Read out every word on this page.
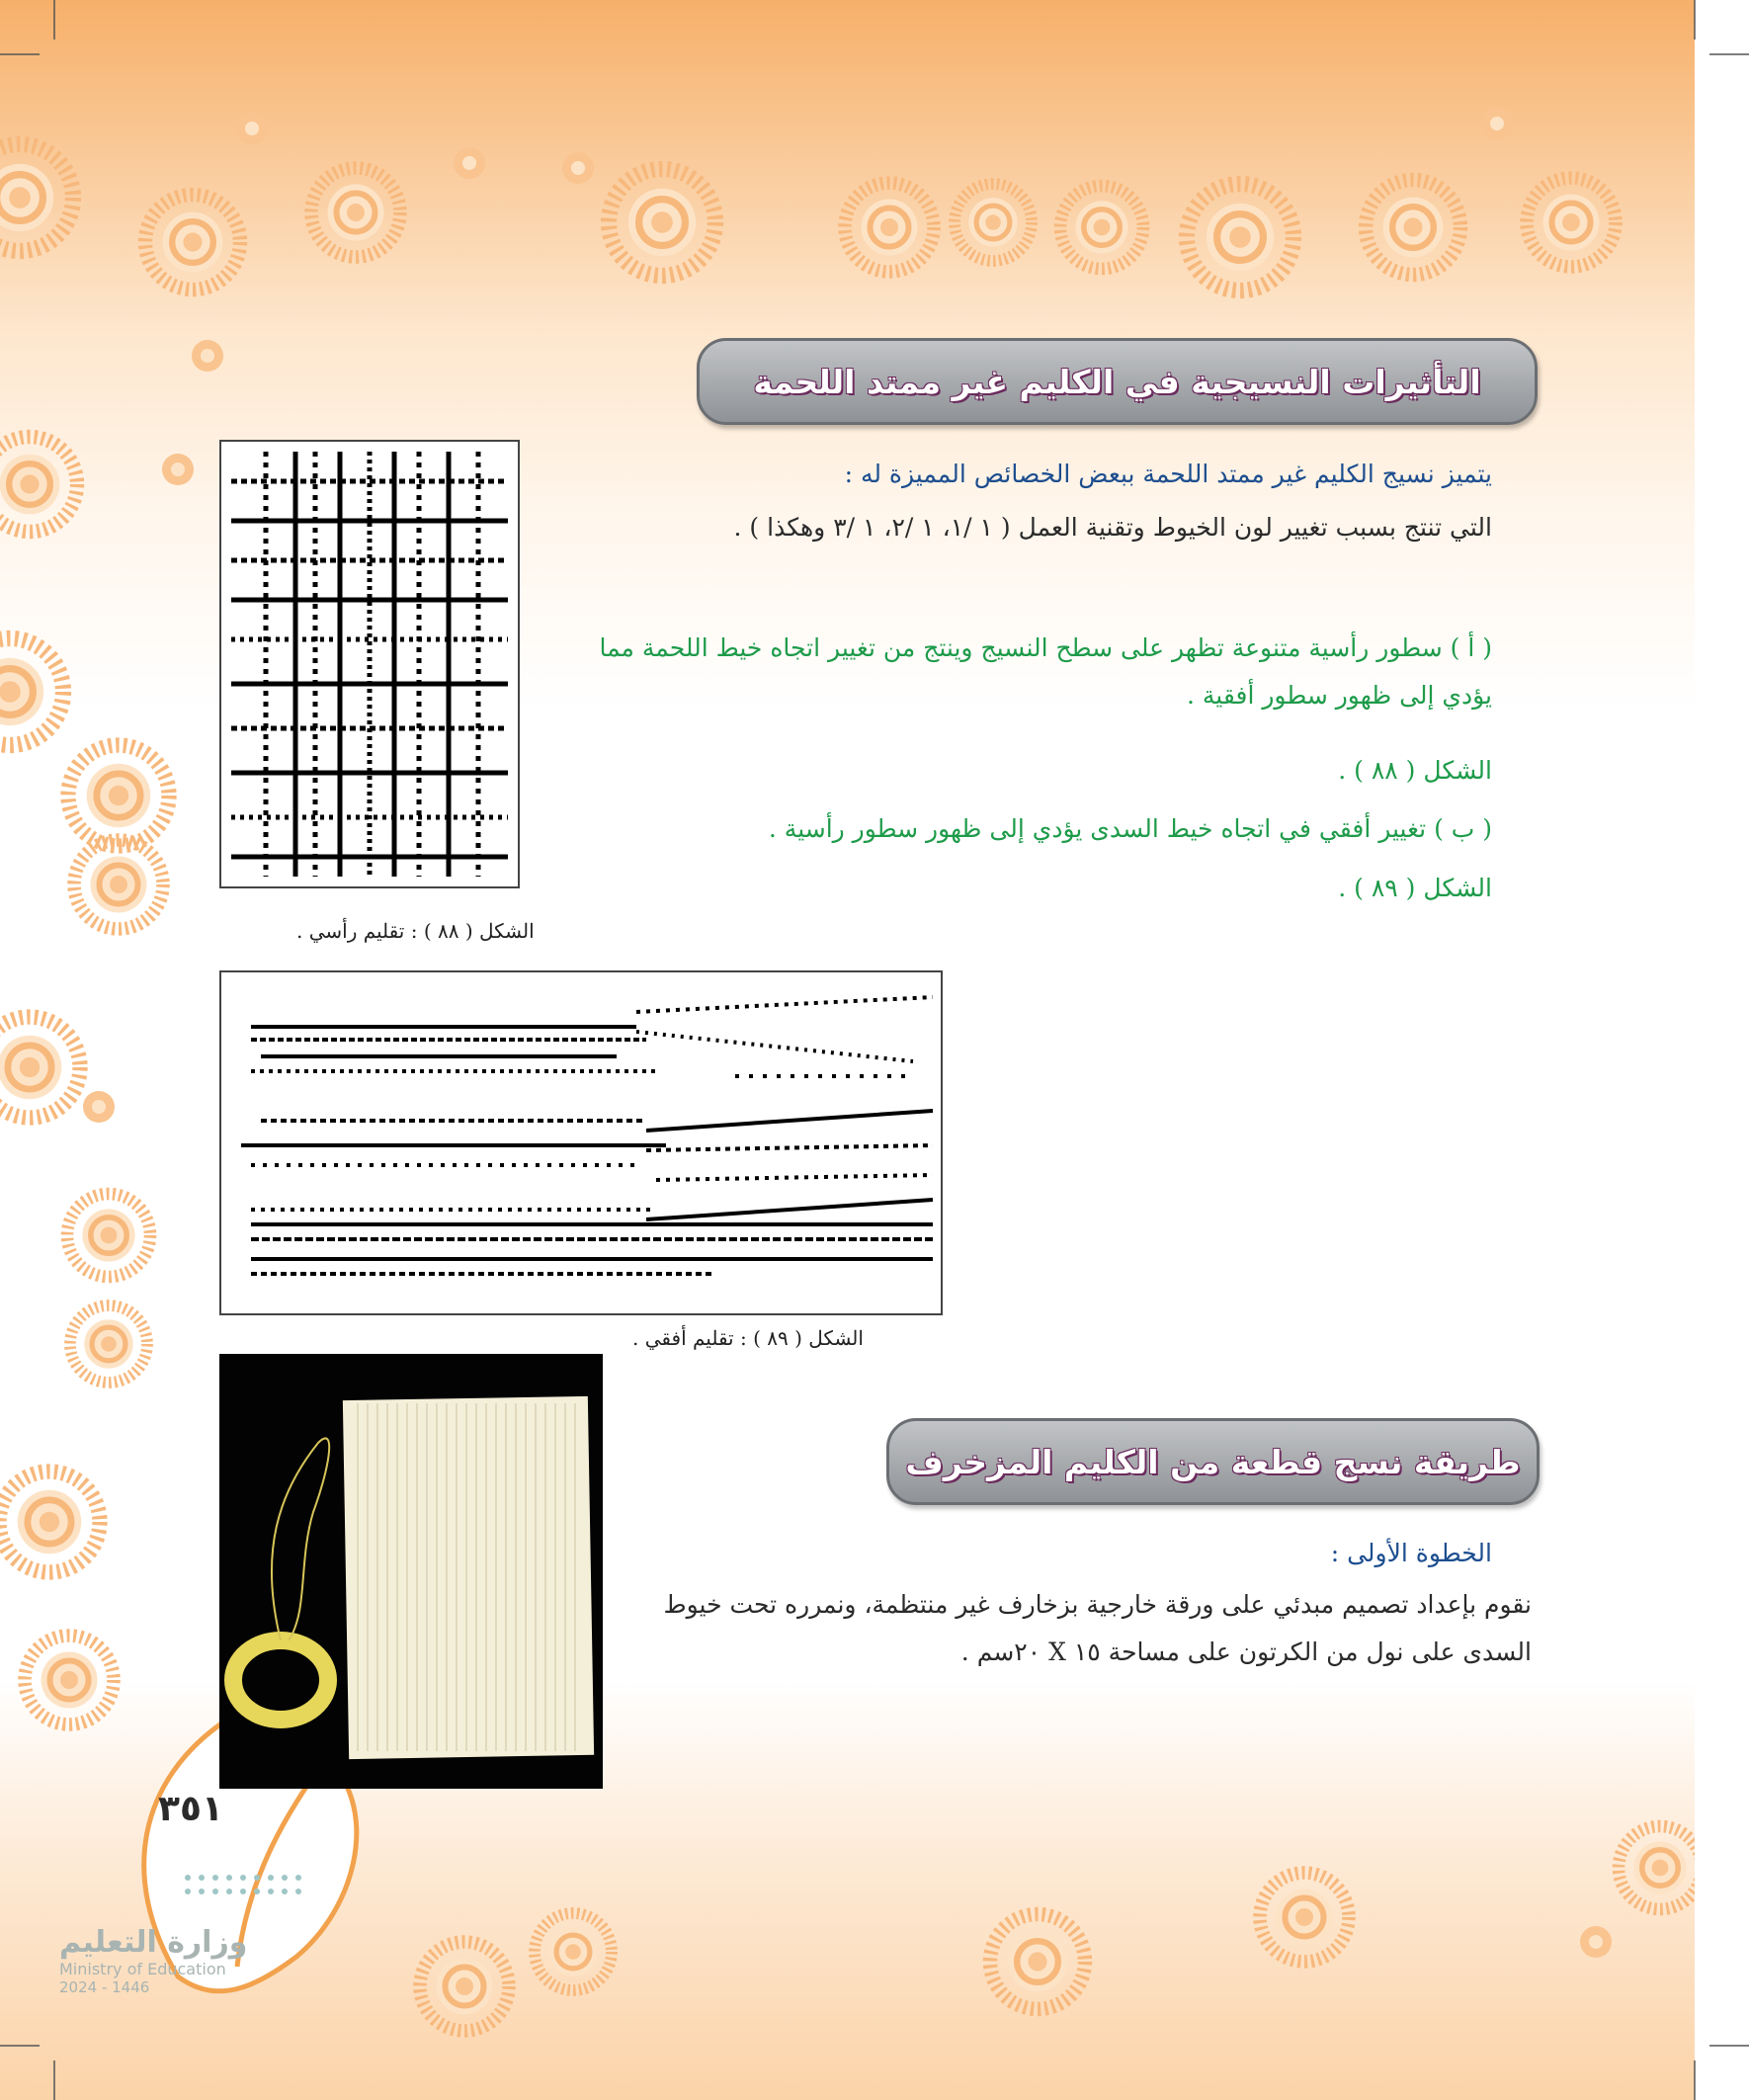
التأثيرات النسيجية في الكليم غير ممتد اللحمة
الشكل ( ٨٨ ) : تقليم رأسي .
يتميز نسيج الكليم غير ممتد اللحمة ببعض الخصائص المميزة له :
التي تنتج بسبب تغيير لون الخيوط وتقنية العمل ( ١ /١، ١ /٢، ١ /٣ وهكذا ) .
( أ ) سطور رأسية متنوعة تظهر على سطح النسيج وينتج من تغيير اتجاه خيط اللحمة مما يؤدي إلى ظهور سطور أفقية .
الشكل ( ٨٨ ) .
( ب ) تغيير أفقي في اتجاه خيط السدى يؤدي إلى ظهور سطور رأسية .
الشكل ( ٨٩ ) .
الشكل ( ٨٩ ) : تقليم أفقي .
طريقة نسج قطعة من الكليم المزخرف
الخطوة الأولى :
نقوم بإعداد تصميم مبدئي على ورقة خارجية بزخارف غير منتظمة، ونمرره تحت خيوط السدى على نول من الكرتون على مساحة ١٥ X ٢٠سم .
٣٥١
وزارة التعليم
Ministry of Education
2024 - 1446
